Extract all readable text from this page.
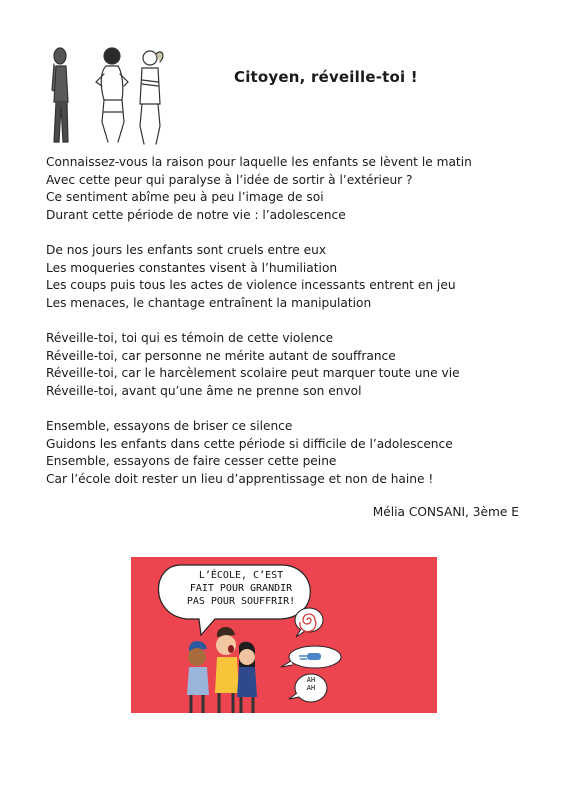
Citoyen, réveille-toi !
Connaissez-vous la raison pour laquelle les enfants se lèvent le matin
Avec cette peur qui paralyse à l’idée de sortir à l’extérieur ?
Ce sentiment abîme peu à peu l’image de soi
Durant cette période de notre vie : l’adolescence
De nos jours les enfants sont cruels entre eux
Les moqueries constantes visent à l’humiliation
Les coups puis tous les actes de violence incessants entrent en jeu
Les menaces, le chantage entraînent la manipulation
Réveille-toi, toi qui es témoin de cette violence
Réveille-toi, car personne ne mérite autant de souffrance
Réveille-toi, car le harcèlement scolaire peut marquer toute une vie
Réveille-toi, avant qu’une âme ne prenne son envol
Ensemble, essayons de briser ce silence
Guidons les enfants dans cette période si difficile de l’adolescence
Ensemble, essayons de faire cesser cette peine
Car l’école doit rester un lieu d’apprentissage et non de haine !
Mélia CONSANI, 3ème E
L’ÉCOLE, C’EST
FAIT POUR GRANDIR
PAS POUR SOUFFRIR!
AH
AH
